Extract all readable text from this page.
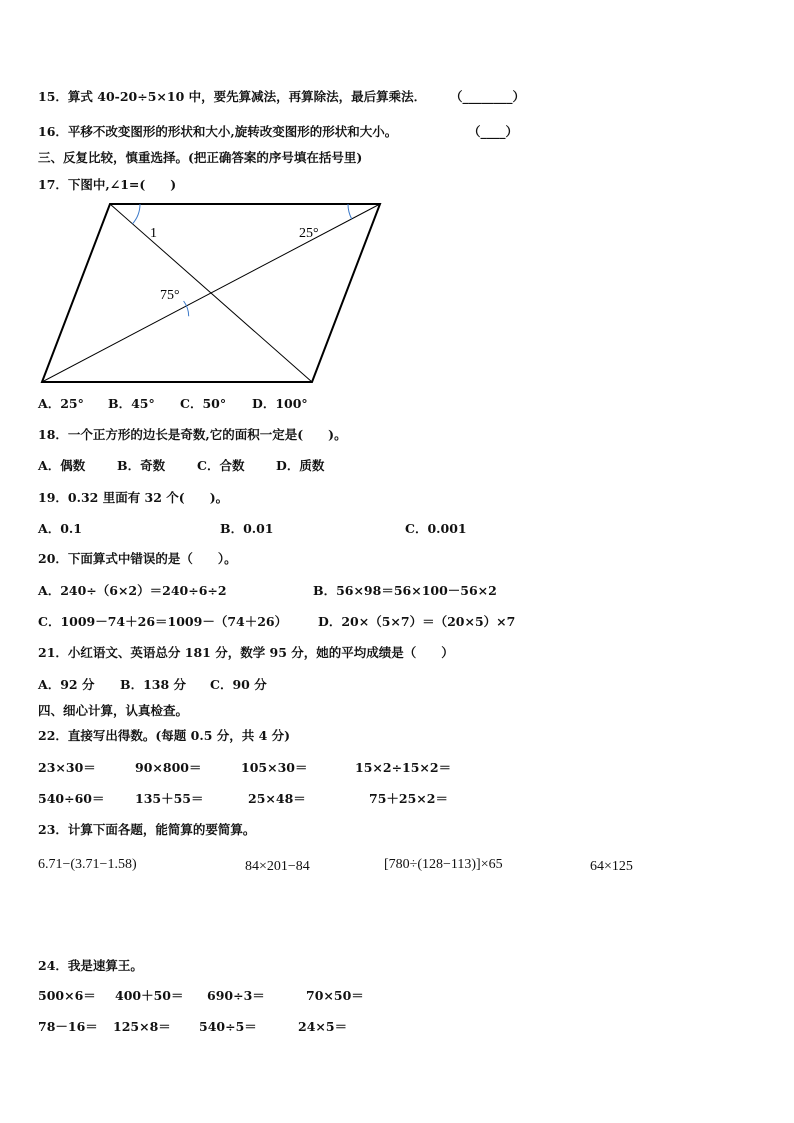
15．算式 40-20÷5×10 中，要先算减法，再算除法，最后算乘法． （________）
16．平移不改变图形的形状和大小,旋转改变图形的形状和大小。	（____）
三、反复比较，慎重选择。(把正确答案的序号填在括号里)
17．下图中,∠1=(　　)
1	25°
75°
A．25° B．45° C．50° D．100°
18．一个正方形的边长是奇数,它的面积一定是(　　)。
A．偶数	B．奇数	C．合数	D．质数
19．0.32 里面有 32 个(　　)。
A．0.1	B．0.01	C．0.001
20．下面算式中错误的是（　　）。
A．240÷（6×2）＝240÷6÷2	B．56×98＝56×100－56×2
C．1009－74＋26＝1009－（74＋26） D．20×（5×7）＝（20×5）×7
21．小红语文、英语总分 181 分，数学 95 分，她的平均成绩是（　　）
A．92 分 B．138 分 C．90 分
四、细心计算，认真检查。
22．直接写出得数。(每题 0.5 分，共 4 分)
23×30＝	90×800＝	105×30＝	15×2÷15×2＝
540÷60＝ 135＋55＝	25×48＝	75＋25×2＝
23．计算下面各题，能简算的要简算。
6.71−(3.71−1.58)	84×201−84	[780÷(128−113)]×65	64×125
24．我是速算王。
500×6＝ 400＋50＝ 690÷3＝	70×50＝
78－16＝ 125×8＝ 540÷5＝	24×5＝
